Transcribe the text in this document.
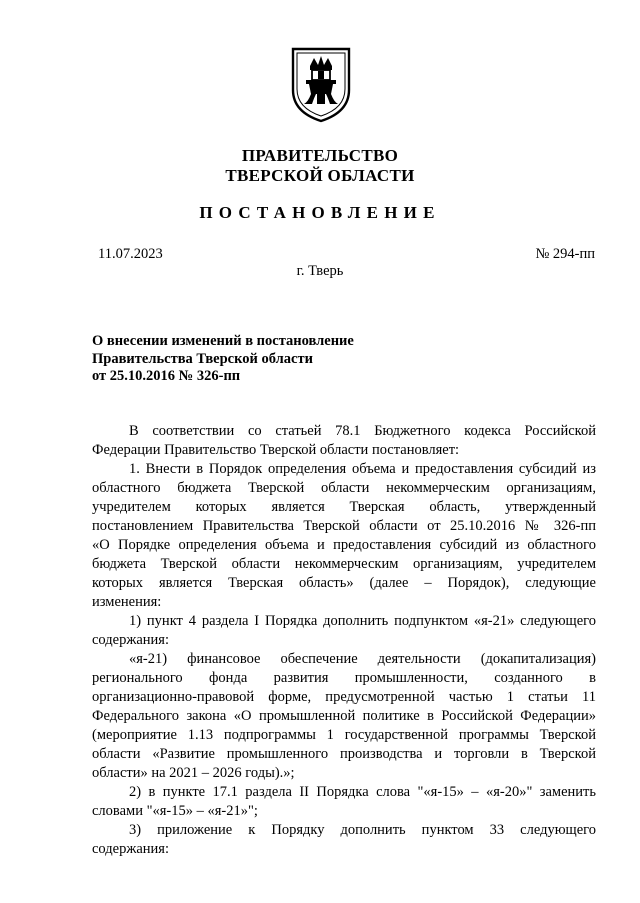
ПРАВИТЕЛЬСТВО
ТВЕРСКОЙ ОБЛАСТИ
ПОСТАНОВЛЕНИЕ
11.07.2023	№ 294-пп
г. Тверь
О внесении изменений в постановление
Правительства Тверской области
от 25.10.2016 № 326-пп
В соответствии со статьей 78.1 Бюджетного кодекса Российской
Федерации Правительство Тверской области постановляет:
1. Внести в Порядок определения объема и предоставления субсидий из
областного бюджета Тверской области некоммерческим организациям,
учредителем которых является Тверская область, утвержденный
постановлением Правительства Тверской области от 25.10.2016 № 326-пп
«О Порядке определения объема и предоставления субсидий из областного
бюджета Тверской области некоммерческим организациям, учредителем
которых является Тверская область» (далее – Порядок), следующие
изменения:
1) пункт 4 раздела I Порядка дополнить подпунктом «я-21» следующего
содержания:
«я-21) финансовое обеспечение деятельности (докапитализация)
регионального фонда развития промышленности, созданного в
организационно-правовой форме, предусмотренной частью 1 статьи 11
Федерального закона «О промышленной политике в Российской Федерации»
(мероприятие 1.13 подпрограммы 1 государственной программы Тверской
области «Развитие промышленного производства и торговли в Тверской
области» на 2021 – 2026 годы).»;
2) в пункте 17.1 раздела II Порядка слова "«я-15» – «я-20»" заменить
словами "«я-15» – «я-21»";
3) приложение к Порядку дополнить пунктом 33 следующего
содержания:
